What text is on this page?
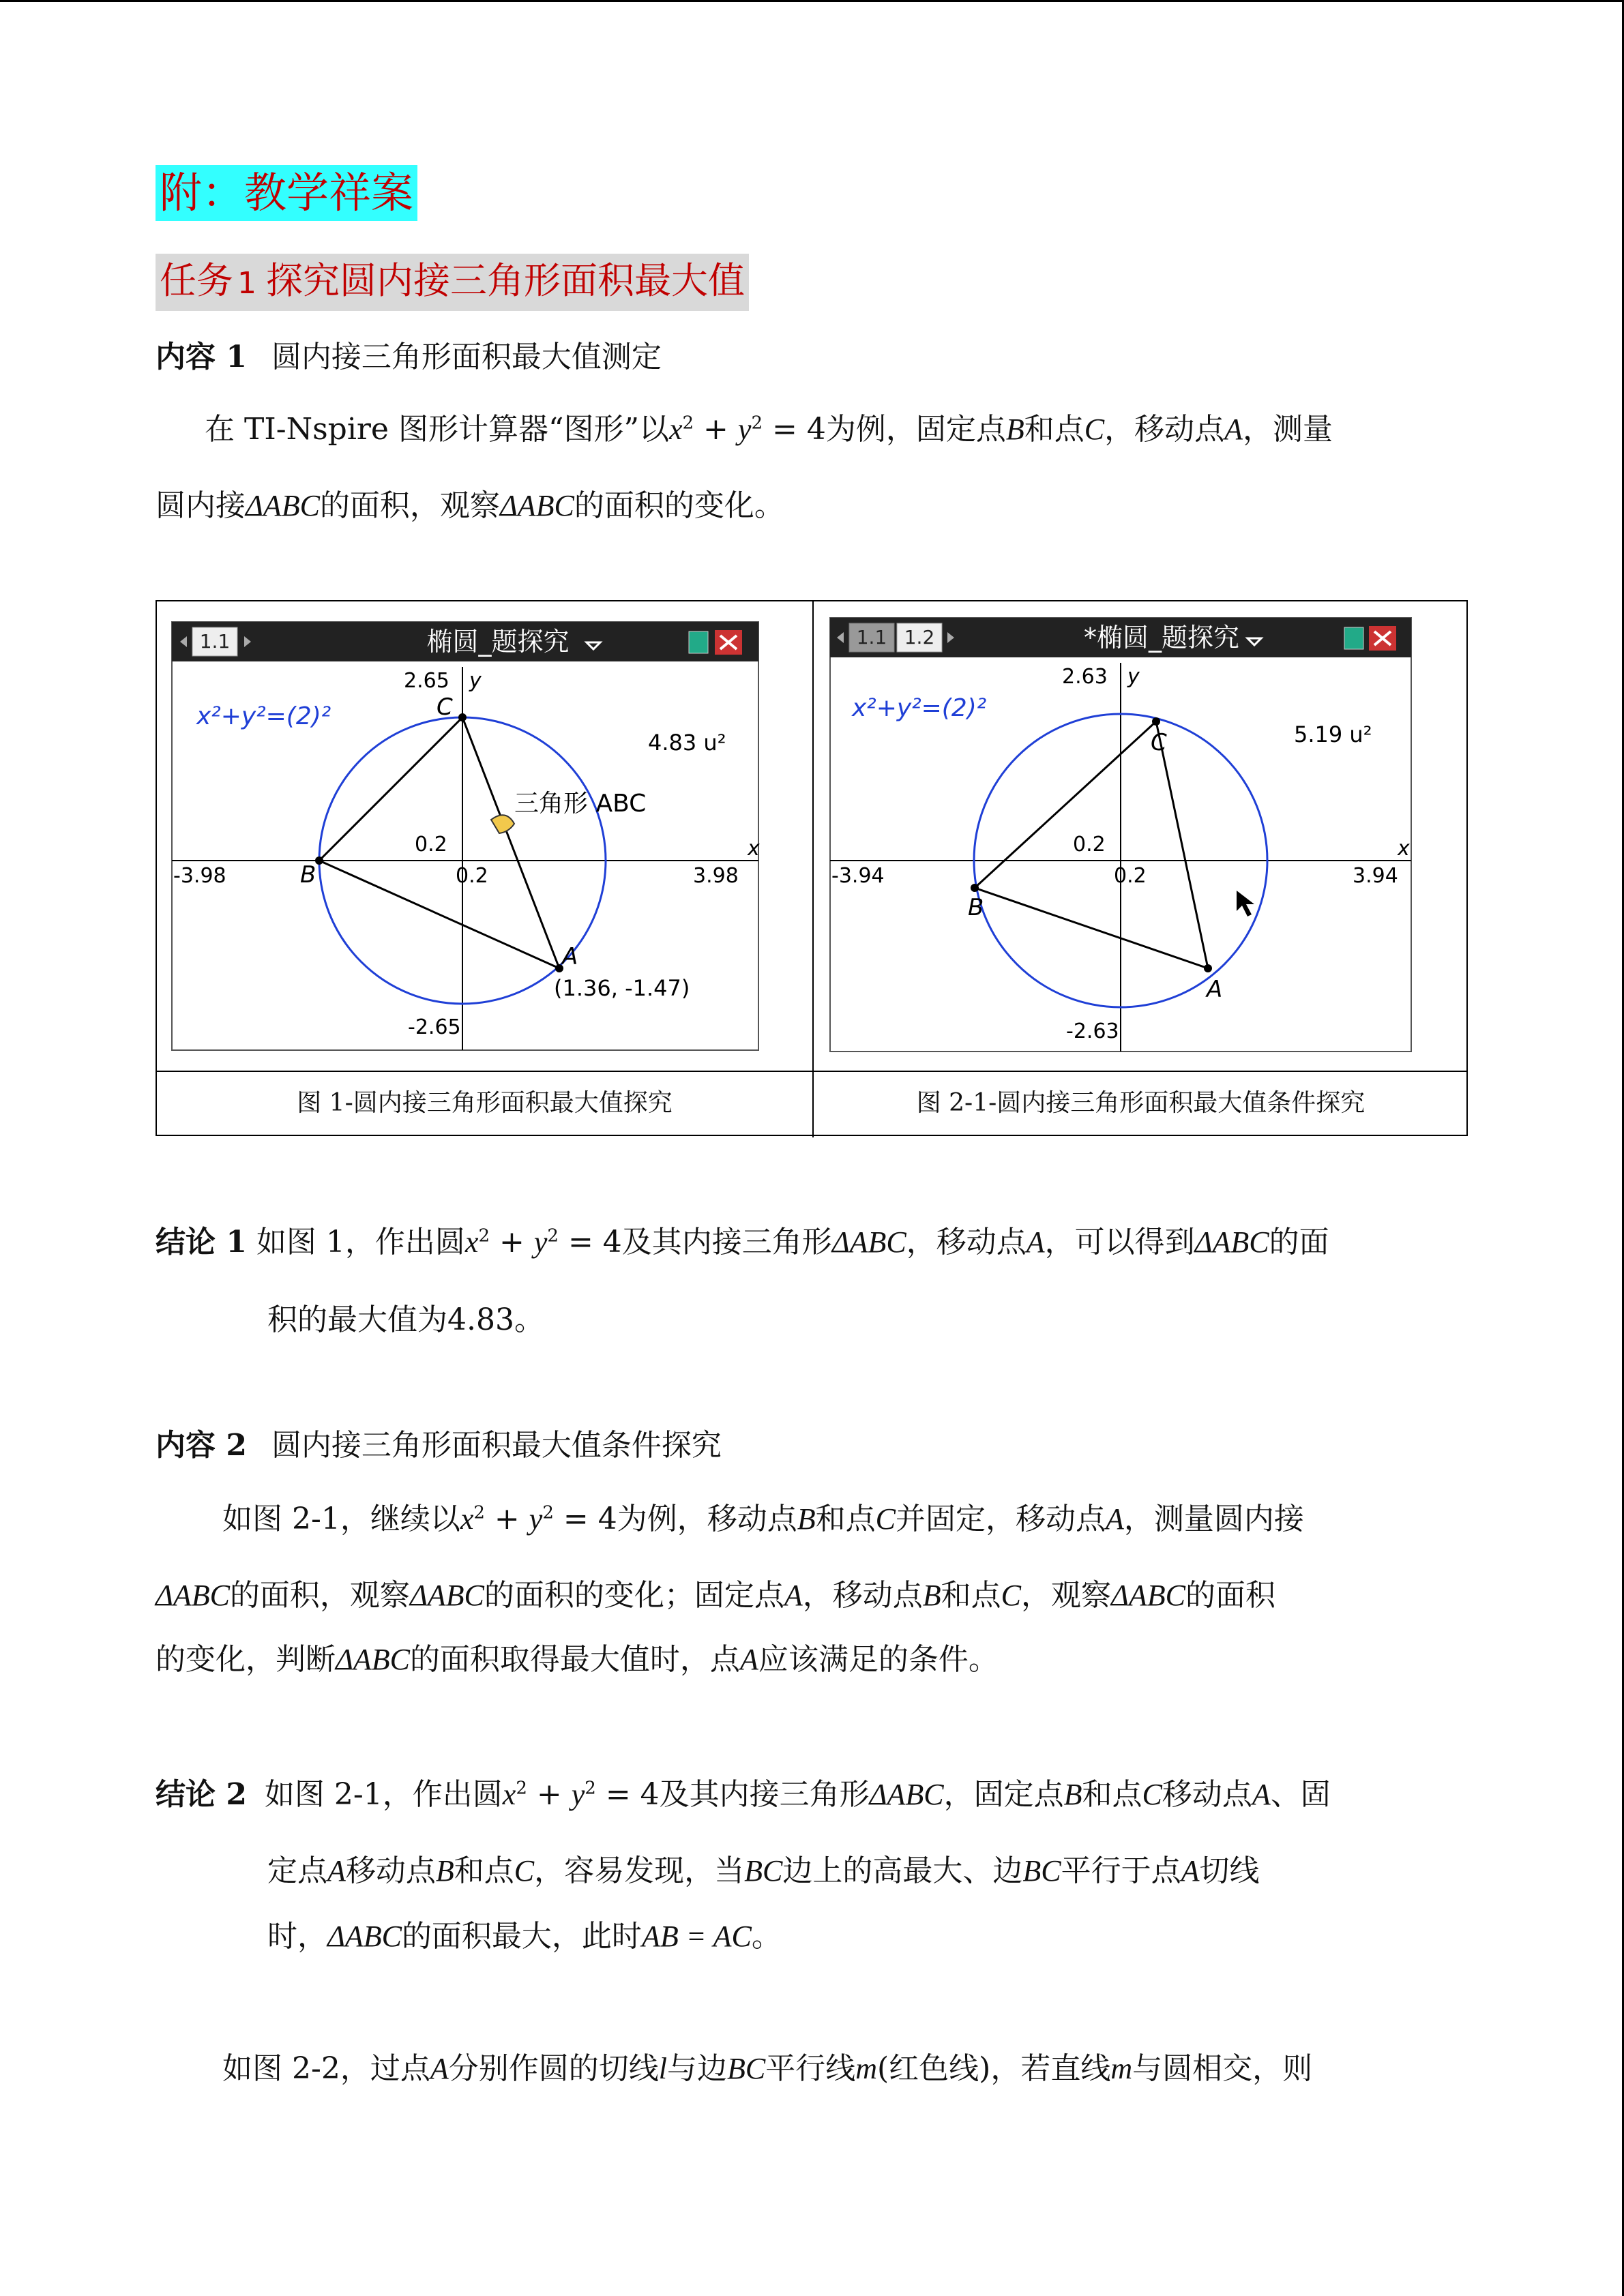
附：教学祥案
任务 1 探究圆内接三角形面积最大值
内容 1 圆内接三角形面积最大值测定
在 TI-Nspire 图形计算器“图形”以$x^2 + y^2 = 4$为例，固定点B和点C，移动点A，测量
圆内接ΔABC的面积，观察ΔABC的面积的变化。
1.1	椭圆_题探究
x
y
-3.98	3.98
2.65
-2.65
0.2
0.2
C
B
A
(1.36, -1.47)
x²+y²=(2)²
4.83 u²
三角形 ABC
图 1-圆内接三角形面积最大值探究
1.1 1.2	*椭圆_题探究
x
y
-3.94	3.94
2.63
-2.63
0.2
0.2
C
B
A
x²+y²=(2)²
5.19 u²
图 2-1-圆内接三角形面积最大值条件探究
结论 1 如图 1，作出圆$x^2 + y^2 = 4$及其内接三角形ΔABC，移动点A，可以得到ΔABC的面
积的最大值为4.83。
内容 2 圆内接三角形面积最大值条件探究
如图 2-1，继续以$x^2 + y^2 = 4$为例，移动点B和点C并固定，移动点A，测量圆内接
ΔABC的面积，观察ΔABC的面积的变化；固定点A，移动点B和点C，观察ΔABC的面积
的变化，判断ΔABC的面积取得最大值时，点A应该满足的条件。
结论 2 如图 2-1，作出圆$x^2 + y^2 = 4$及其内接三角形ΔABC，固定点B和点C移动点A、固
定点A移动点B和点C，容易发现，当BC边上的高最大、边BC平行于点A切线
时，ΔABC的面积最大，此时AB = AC。
如图 2-2，过点A分别作圆的切线l与边BC平行线m(红色线)，若直线m与圆相交，则
